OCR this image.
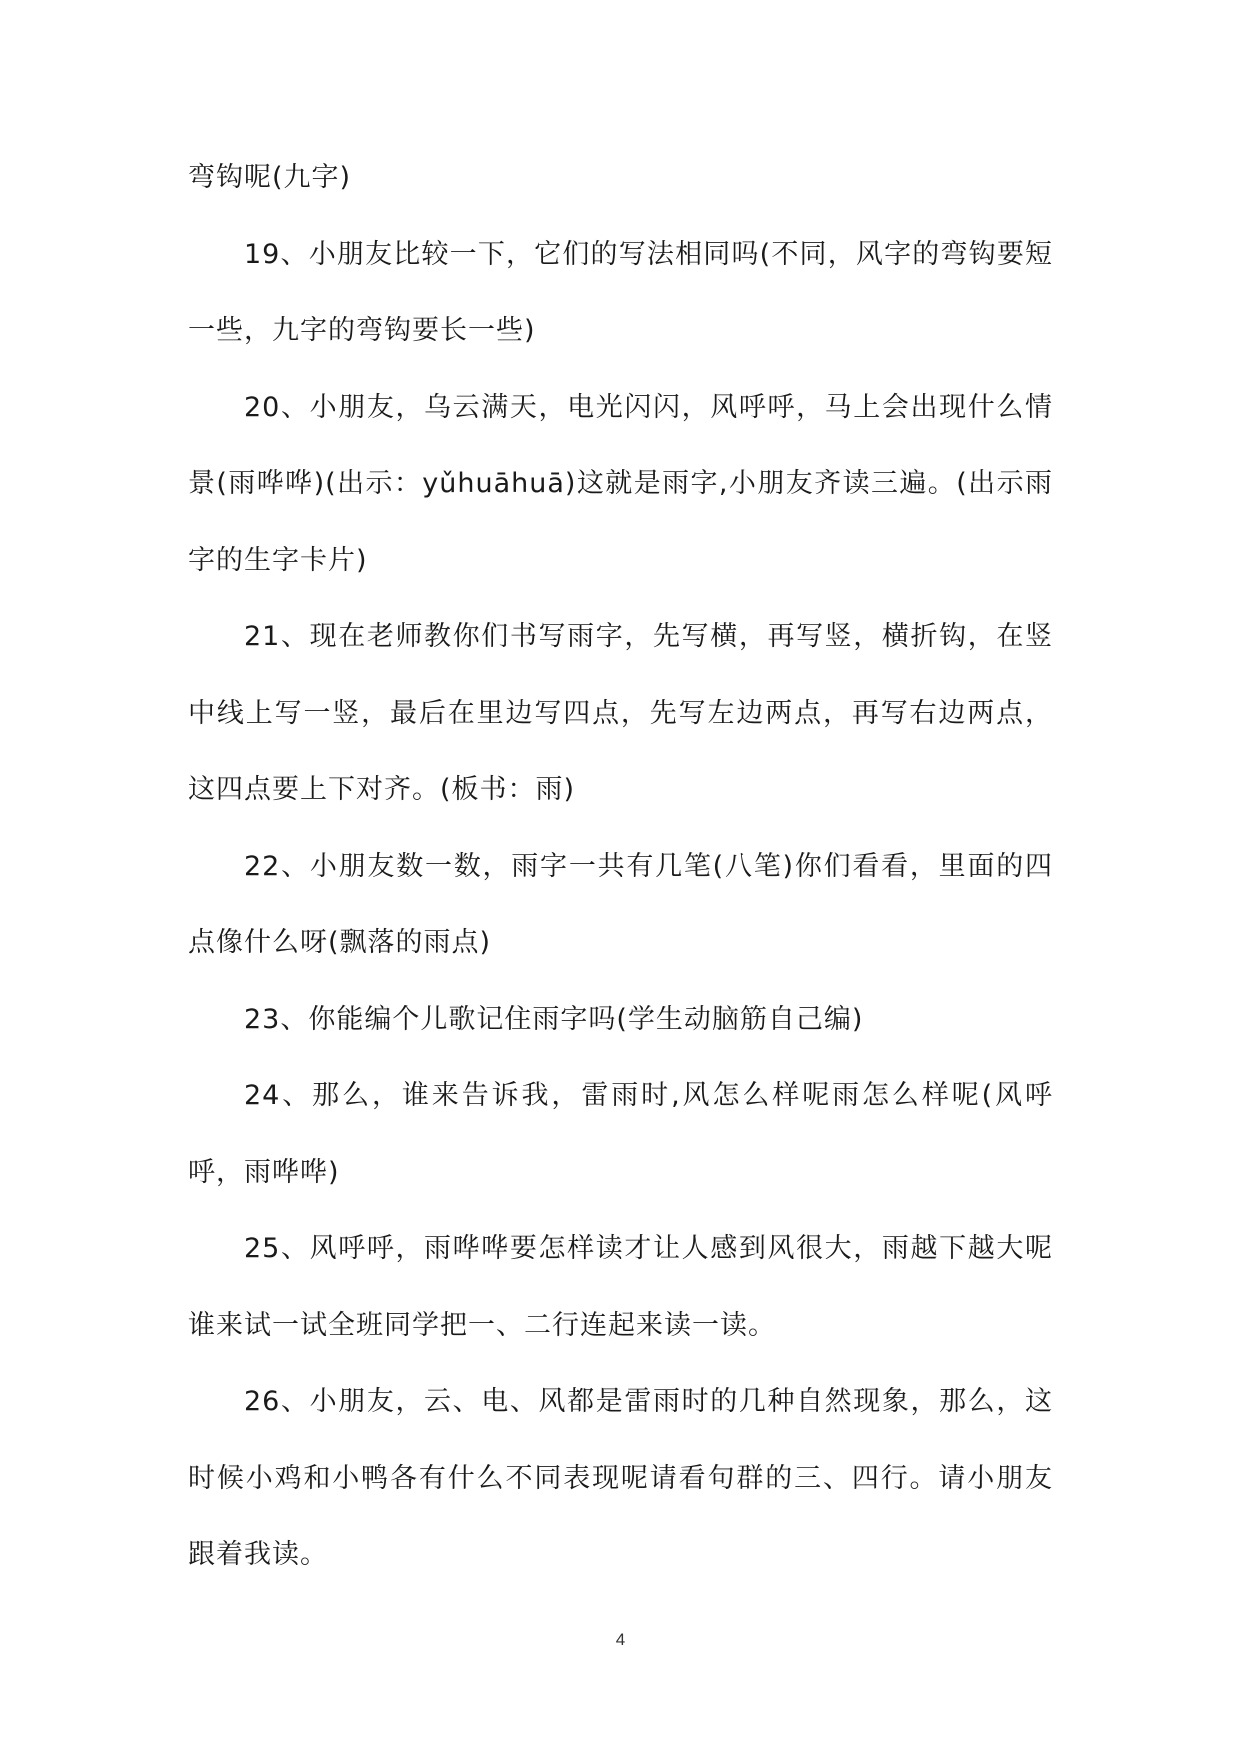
弯钩呢(九字)

19、小朋友比较一下，它们的写法相同吗(不同，风字的弯钩要短一些，九字的弯钩要长一些)

20、小朋友，乌云满天，电光闪闪，风呼呼，马上会出现什么情景(雨哗哗)(出示：yǔhuāhuā)这就是雨字,小朋友齐读三遍。(出示雨字的生字卡片)

21、现在老师教你们书写雨字，先写横，再写竖，横折钩，在竖中线上写一竖，最后在里边写四点，先写左边两点，再写右边两点，这四点要上下对齐。(板书：雨)

22、小朋友数一数，雨字一共有几笔(八笔)你们看看，里面的四点像什么呀(飘落的雨点)

23、你能编个儿歌记住雨字吗(学生动脑筋自己编)

24、那么，谁来告诉我，雷雨时,风怎么样呢雨怎么样呢(风呼呼，雨哗哗)

25、风呼呼，雨哗哗要怎样读才让人感到风很大，雨越下越大呢谁来试一试全班同学把一、二行连起来读一读。

26、小朋友，云、电、风都是雷雨时的几种自然现象，那么，这时候小鸡和小鸭各有什么不同表现呢请看句群的三、四行。请小朋友跟着我读。

4
